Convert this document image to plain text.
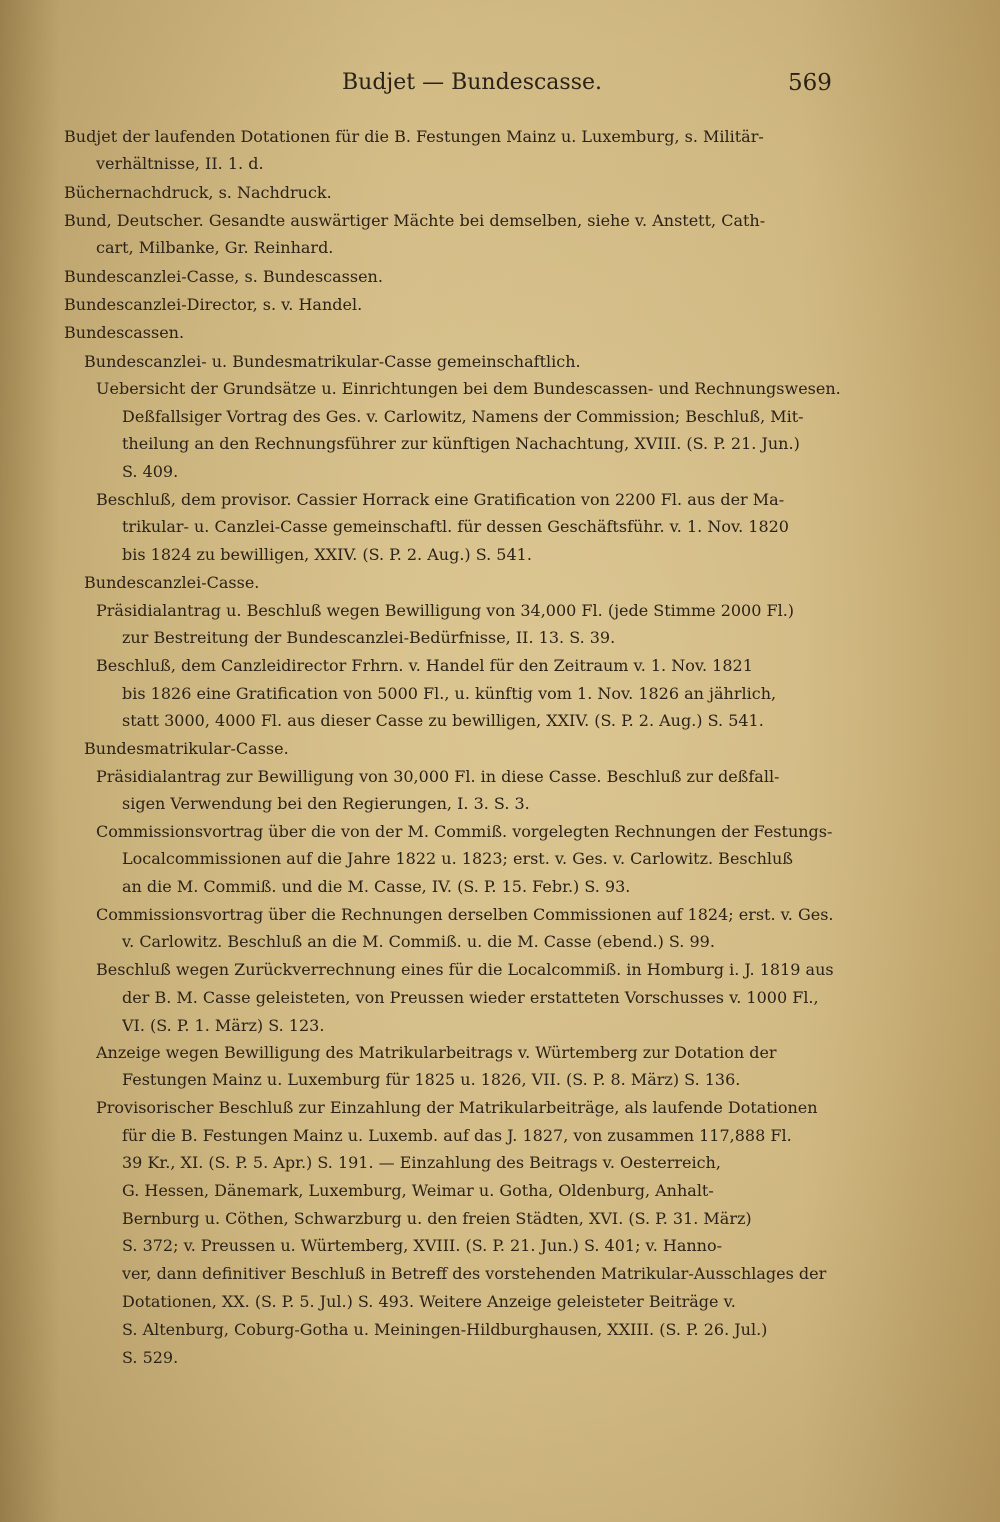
Budjet — Bundescasse.	569
Budjet der laufenden Dotationen für die B. Festungen Mainz u. Luxemburg, s. Militär-
verhältnisse, II. 1. d.
Büchernachdruck, s. Nachdruck.
Bund, Deutscher. Gesandte auswärtiger Mächte bei demselben, siehe v. Anstett, Cath-
cart, Milbanke, Gr. Reinhard.
Bundescanzlei-Casse, s. Bundescassen.
Bundescanzlei-Director, s. v. Handel.
Bundescassen.
Bundescanzlei- u. Bundesmatrikular-Casse gemeinschaftlich.
Uebersicht der Grundsätze u. Einrichtungen bei dem Bundescassen- und Rechnungswesen.
Deßfallsiger Vortrag des Ges. v. Carlowitz, Namens der Commission; Beschluß, Mit-
theilung an den Rechnungsführer zur künftigen Nachachtung, XVIII. (S. P. 21. Jun.)
S. 409.
Beschluß, dem provisor. Cassier Horrack eine Gratification von 2200 Fl. aus der Ma-
trikular- u. Canzlei-Casse gemeinschaftl. für dessen Geschäftsführ. v. 1. Nov. 1820
bis 1824 zu bewilligen, XXIV. (S. P. 2. Aug.) S. 541.
Bundescanzlei-Casse.
Präsidialantrag u. Beschluß wegen Bewilligung von 34,000 Fl. (jede Stimme 2000 Fl.)
zur Bestreitung der Bundescanzlei-Bedürfnisse, II. 13. S. 39.
Beschluß, dem Canzleidirector Frhrn. v. Handel für den Zeitraum v. 1. Nov. 1821
bis 1826 eine Gratification von 5000 Fl., u. künftig vom 1. Nov. 1826 an jährlich,
statt 3000, 4000 Fl. aus dieser Casse zu bewilligen, XXIV. (S. P. 2. Aug.) S. 541.
Bundesmatrikular-Casse.
Präsidialantrag zur Bewilligung von 30,000 Fl. in diese Casse. Beschluß zur deßfall-
sigen Verwendung bei den Regierungen, I. 3. S. 3.
Commissionsvortrag über die von der M. Commiß. vorgelegten Rechnungen der Festungs-
Localcommissionen auf die Jahre 1822 u. 1823; erst. v. Ges. v. Carlowitz. Beschluß
an die M. Commiß. und die M. Casse, IV. (S. P. 15. Febr.) S. 93.
Commissionsvortrag über die Rechnungen derselben Commissionen auf 1824; erst. v. Ges.
v. Carlowitz. Beschluß an die M. Commiß. u. die M. Casse (ebend.) S. 99.
Beschluß wegen Zurückverrechnung eines für die Localcommiß. in Homburg i. J. 1819 aus
der B. M. Casse geleisteten, von Preussen wieder erstatteten Vorschusses v. 1000 Fl.,
VI. (S. P. 1. März) S. 123.
Anzeige wegen Bewilligung des Matrikularbeitrags v. Würtemberg zur Dotation der
Festungen Mainz u. Luxemburg für 1825 u. 1826, VII. (S. P. 8. März) S. 136.
Provisorischer Beschluß zur Einzahlung der Matrikularbeiträge, als laufende Dotationen
für die B. Festungen Mainz u. Luxemb. auf das J. 1827, von zusammen 117,888 Fl.
39 Kr., XI. (S. P. 5. Apr.) S. 191. — Einzahlung des Beitrags v. Oesterreich,
G. Hessen, Dänemark, Luxemburg, Weimar u. Gotha, Oldenburg, Anhalt-
Bernburg u. Cöthen, Schwarzburg u. den freien Städten, XVI. (S. P. 31. März)
S. 372; v. Preussen u. Würtemberg, XVIII. (S. P. 21. Jun.) S. 401; v. Hanno-
ver, dann definitiver Beschluß in Betreff des vorstehenden Matrikular-Ausschlages der
Dotationen, XX. (S. P. 5. Jul.) S. 493. Weitere Anzeige geleisteter Beiträge v.
S. Altenburg, Coburg-Gotha u. Meiningen-Hildburghausen, XXIII. (S. P. 26. Jul.)
S. 529.
